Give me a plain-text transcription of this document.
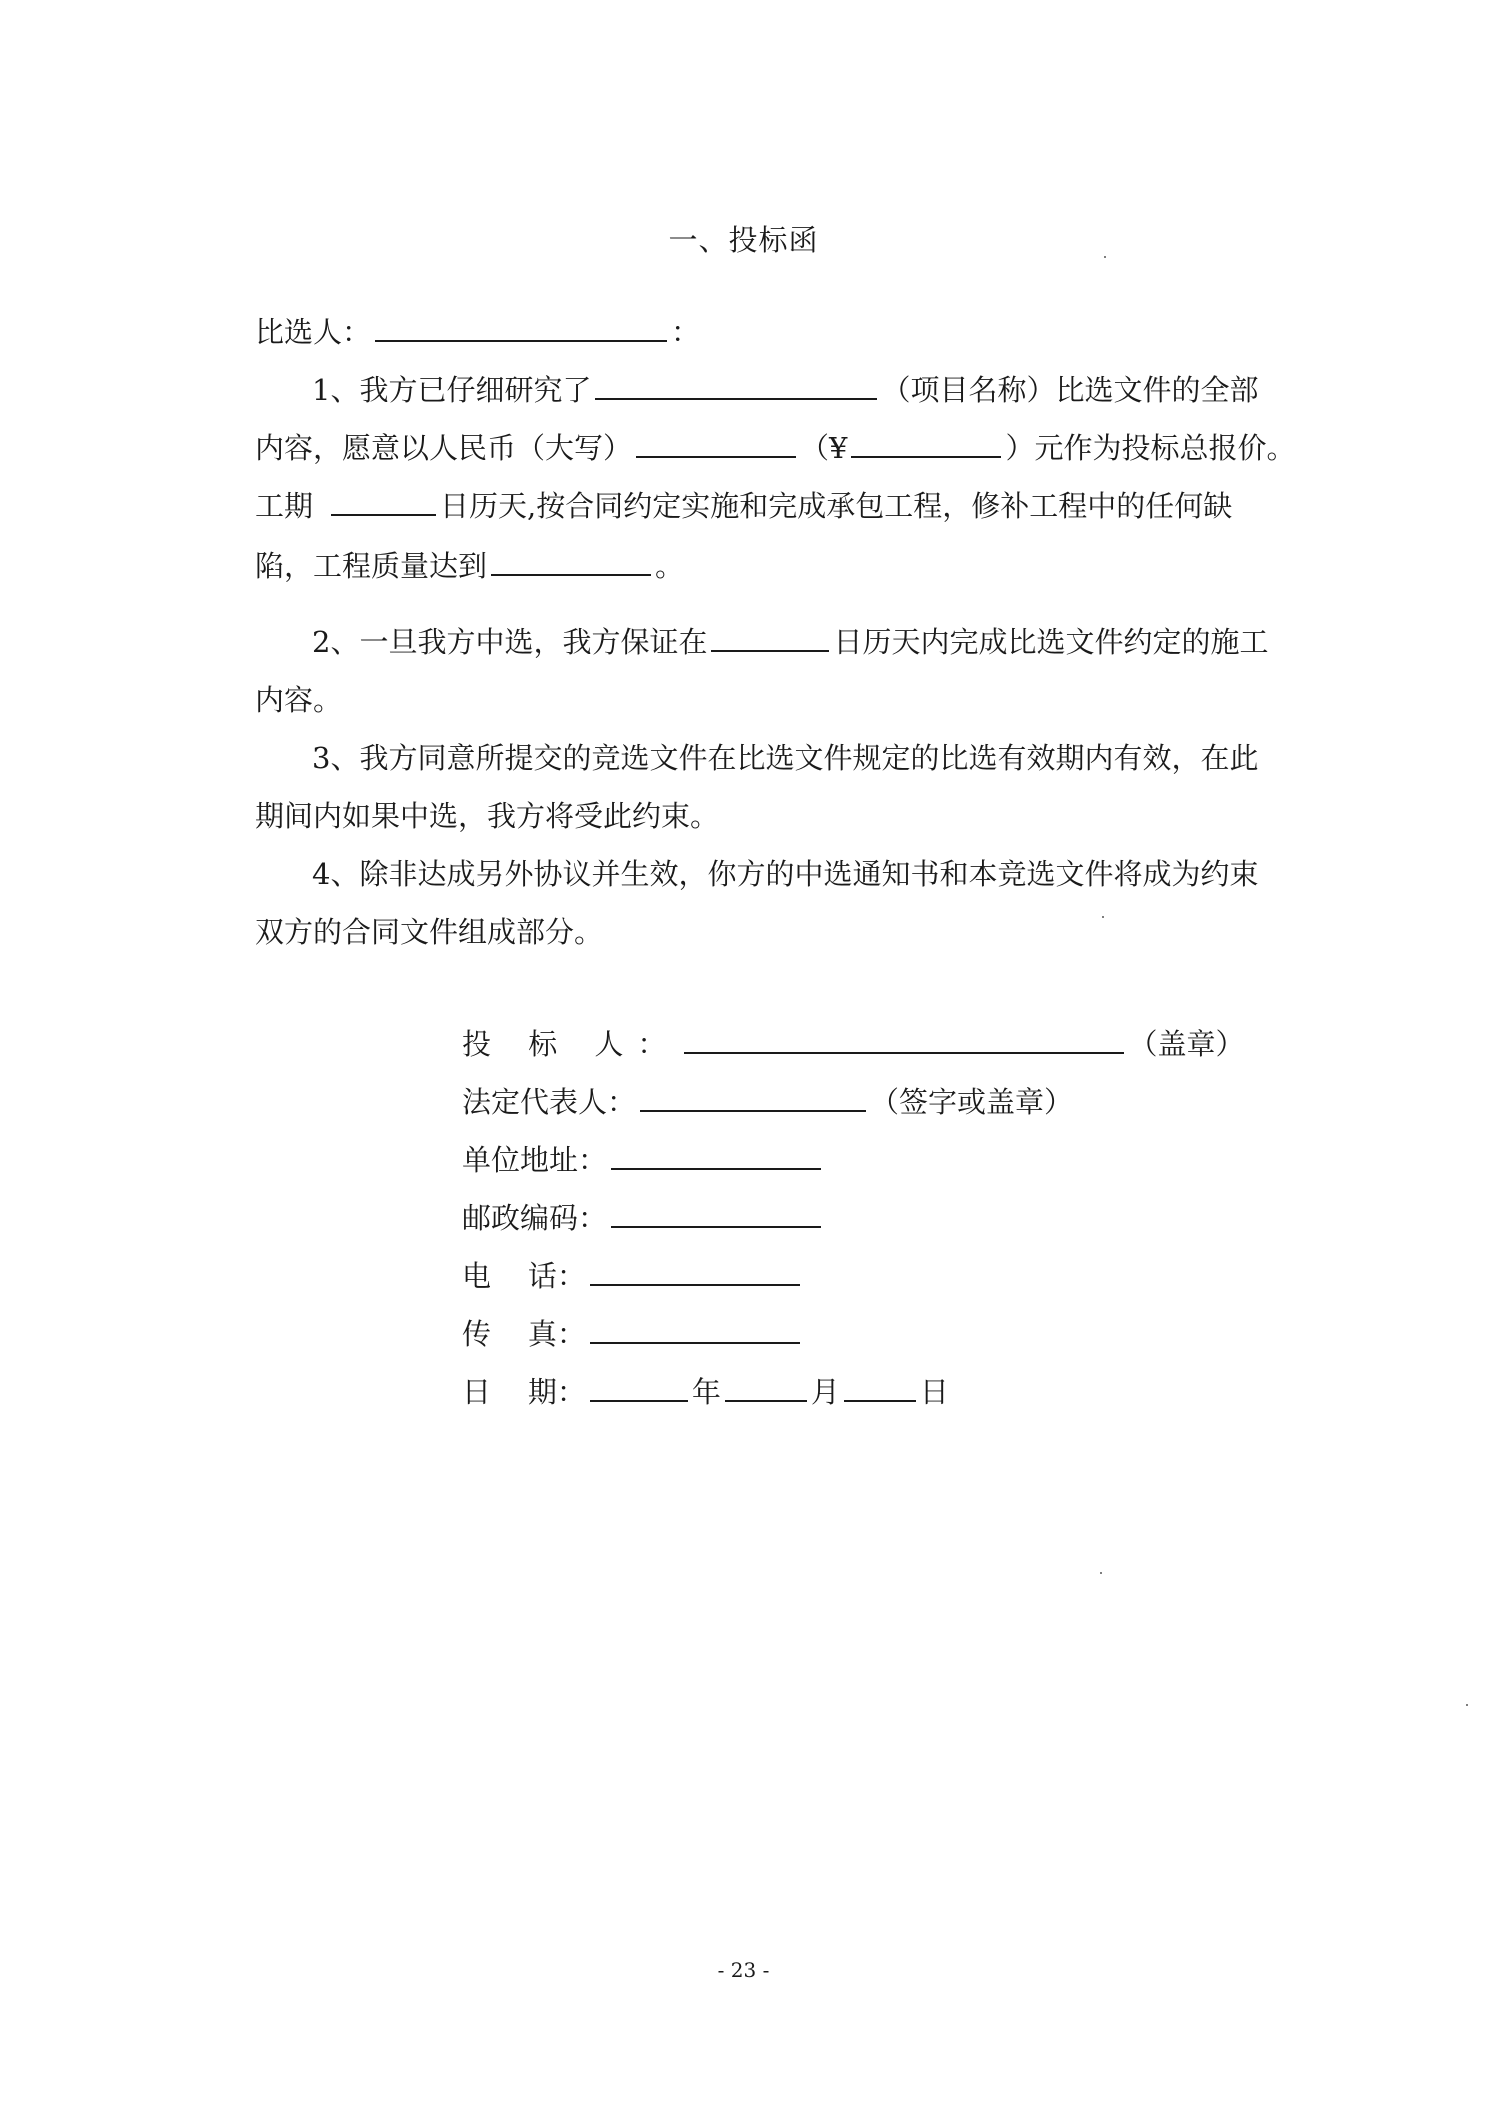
一、投标函
比选人：	：
1、我方已仔细研究了	（项目名称）比选文件的全部
内容，愿意以人民币（大写）	（¥	）元作为投标总报价。
工期	日历天,按合同约定实施和完成承包工程，修补工程中的任何缺
陷，工程质量达到	。
2、一旦我方中选，我方保证在	日历天内完成比选文件约定的施工
内容。
3、我方同意所提交的竞选文件在比选文件规定的比选有效期内有效，在此
期间内如果中选，我方将受此约束。
4、除非达成另外协议并生效，你方的中选通知书和本竞选文件将成为约束
双方的合同文件组成部分。
投 标 人：	（盖章）
法定代表人：	（签字或盖章）
单位地址：
邮政编码：
电    话：
传    真：
日    期：	年	月	日
- 23 -
